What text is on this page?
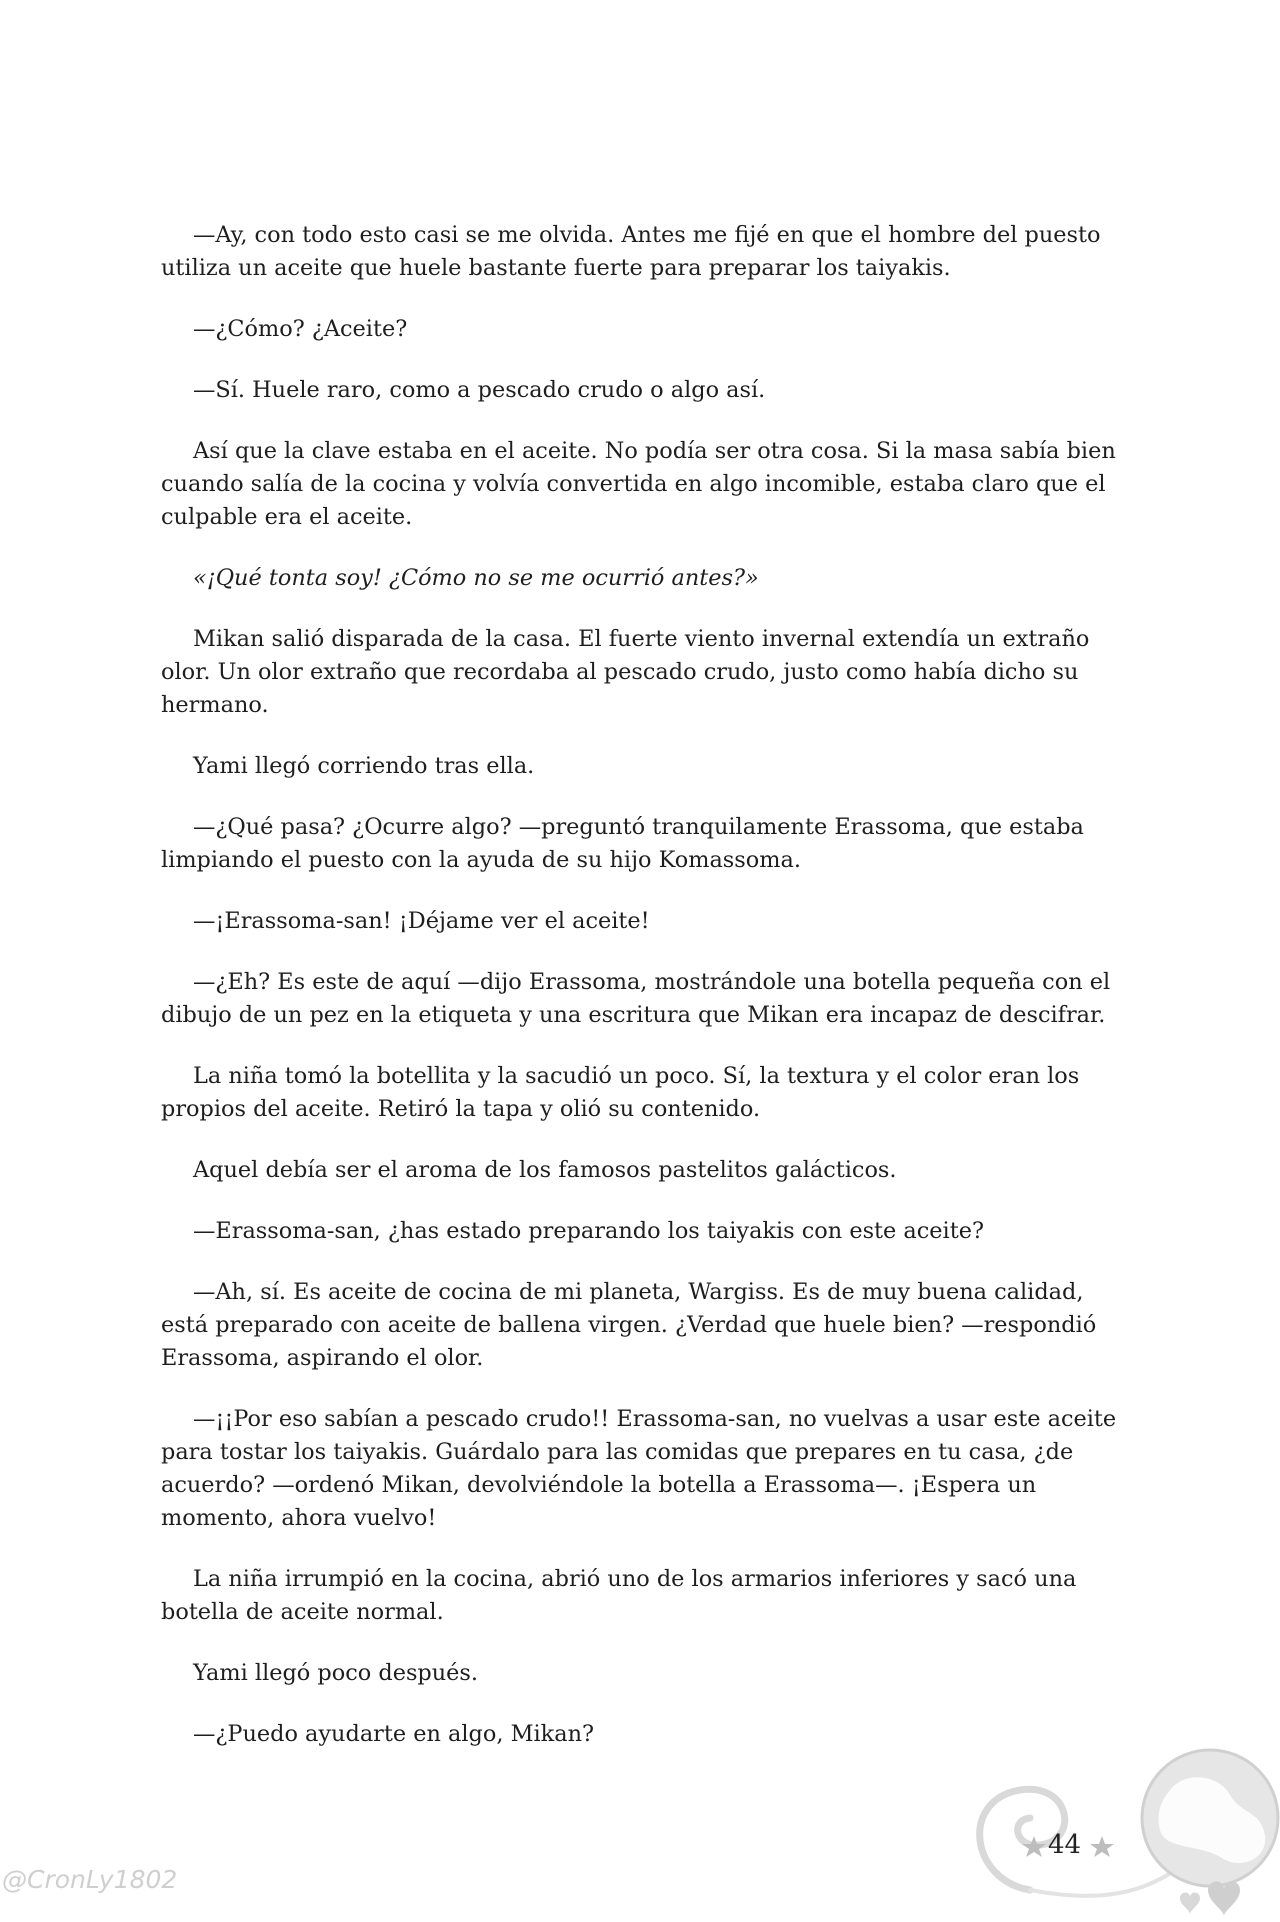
—Ay, con todo esto casi se me olvida. Antes me fijé en que el hombre del puesto utiliza un aceite que huele bastante fuerte para preparar los taiyakis.

—¿Cómo? ¿Aceite?

—Sí. Huele raro, como a pescado crudo o algo así.

Así que la clave estaba en el aceite. No podía ser otra cosa. Si la masa sabía bien cuando salía de la cocina y volvía convertida en algo incomible, estaba claro que el culpable era el aceite.

«¡Qué tonta soy! ¿Cómo no se me ocurrió antes?»

Mikan salió disparada de la casa. El fuerte viento invernal extendía un extraño olor. Un olor extraño que recordaba al pescado crudo, justo como había dicho su hermano.

Yami llegó corriendo tras ella.

—¿Qué pasa? ¿Ocurre algo? —preguntó tranquilamente Erassoma, que estaba limpiando el puesto con la ayuda de su hijo Komassoma.

—¡Erassoma-san! ¡Déjame ver el aceite!

—¿Eh? Es este de aquí —dijo Erassoma, mostrándole una botella pequeña con el dibujo de un pez en la etiqueta y una escritura que Mikan era incapaz de descifrar.

La niña tomó la botellita y la sacudió un poco. Sí, la textura y el color eran los propios del aceite. Retiró la tapa y olió su contenido.

Aquel debía ser el aroma de los famosos pastelitos galácticos.

—Erassoma-san, ¿has estado preparando los taiyakis con este aceite?

—Ah, sí. Es aceite de cocina de mi planeta, Wargiss. Es de muy buena calidad, está preparado con aceite de ballena virgen. ¿Verdad que huele bien? —respondió Erassoma, aspirando el olor.

—¡¡Por eso sabían a pescado crudo!! Erassoma-san, no vuelvas a usar este aceite para tostar los taiyakis. Guárdalo para las comidas que prepares en tu casa, ¿de acuerdo? —ordenó Mikan, devolviéndole la botella a Erassoma—. ¡Espera un momento, ahora vuelvo!

La niña irrumpió en la cocina, abrió uno de los armarios inferiores y sacó una botella de aceite normal.

Yami llegó poco después.

—¿Puedo ayudarte en algo, Mikan?

44
@CronLy1802
